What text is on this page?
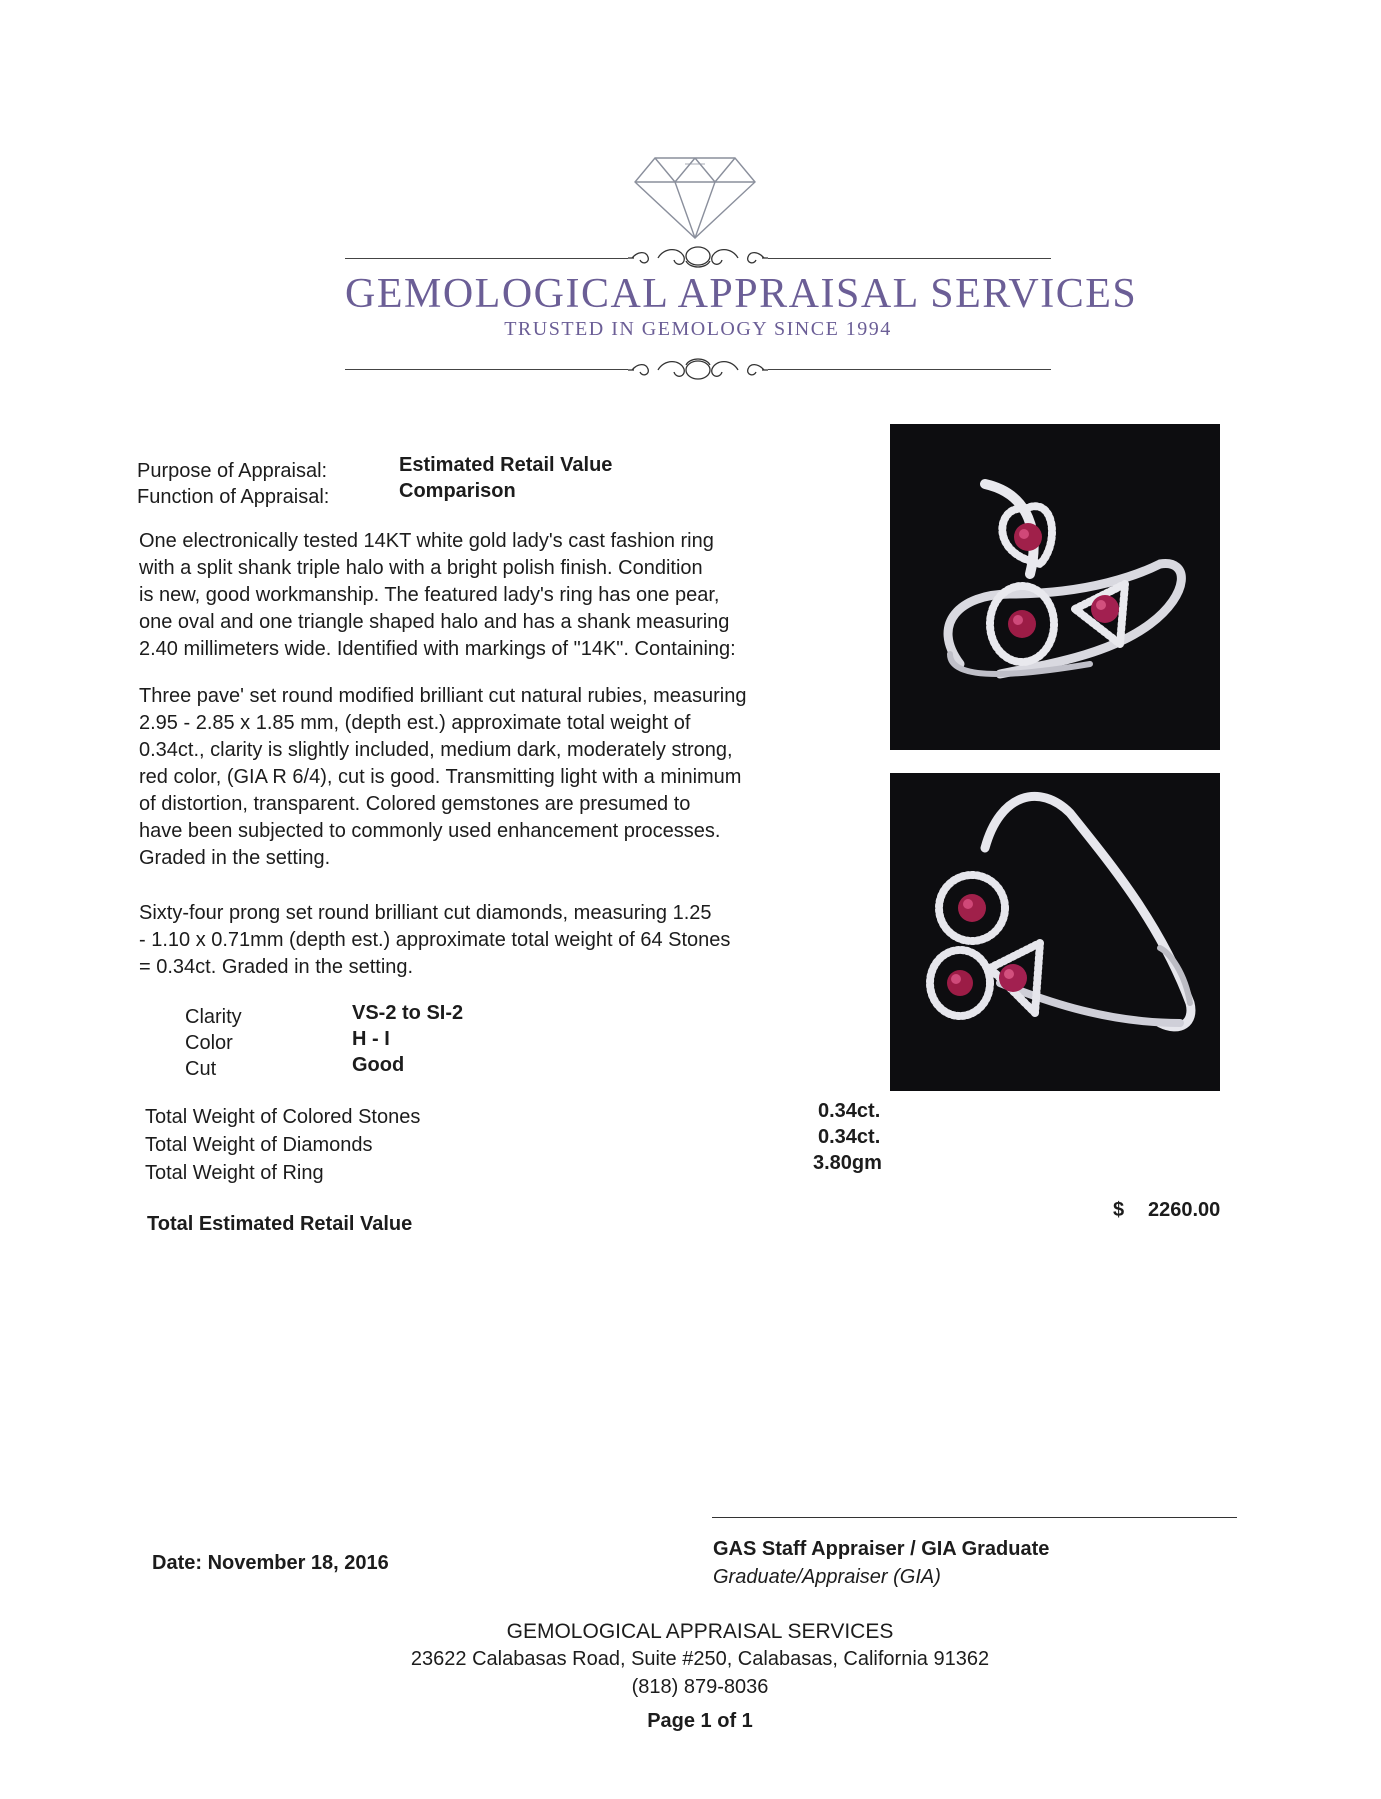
GEMOLOGICAL APPRAISAL SERVICES
TRUSTED IN GEMOLOGY SINCE 1994
Purpose of Appraisal:	Estimated Retail Value
Function of Appraisal:	Comparison

One electronically tested 14KT white gold lady's cast fashion ring

with a split shank triple halo with a bright polish finish. Condition

is new, good workmanship. The featured lady's ring has one pear,

one oval and one triangle shaped halo and has a shank measuring

2.40 millimeters wide. Identified with markings of "14K". Containing:

Three pave' set round modified brilliant cut natural rubies, measuring

2.95 - 2.85 x 1.85 mm, (depth est.) approximate total weight of

0.34ct., clarity is slightly included, medium dark, moderately strong,

red color, (GIA R 6/4), cut is good. Transmitting light with a minimum

of distortion, transparent. Colored gemstones are presumed to

have been subjected to commonly used enhancement processes.

Graded in the setting.

Sixty-four prong set round brilliant cut diamonds, measuring 1.25

- 1.10 x 0.71mm (depth est.) approximate total weight of 64 Stones

= 0.34ct. Graded in the setting.

Clarity	VS-2 to SI-2
Color	H - I
Cut	Good
Total Weight of Colored Stones	0.34ct.
Total Weight of Diamonds	0.34ct.
Total Weight of Ring	3.80gm
Total Estimated Retail Value
$ 2260.00
Date: November 18, 2016
GAS Staff Appraiser / GIA Graduate
Graduate/Appraiser (GIA)
GEMOLOGICAL APPRAISAL SERVICES
23622 Calabasas Road, Suite #250, Calabasas, California 91362
(818) 879-8036
Page 1 of 1
